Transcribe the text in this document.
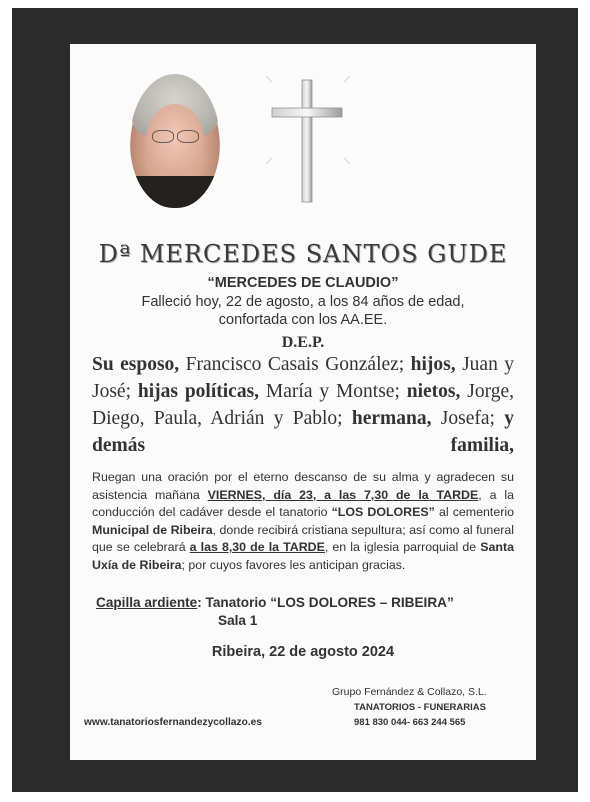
Dª MERCEDES SANTOS GUDE

“MERCEDES DE CLAUDIO”

Falleció hoy, 22 de agosto, a los 84 años de edad,

confortada con los AA.EE.

D.E.P.

Su esposo, Francisco Casais González; hijos, Juan y José; hijas políticas, María y Montse; nietos, Jorge, Diego, Paula, Adrián y Pablo; hermana, Josefa; y demás familia,

Ruegan una oración por el eterno descanso de su alma y agradecen su asistencia mañana VIERNES, día 23, a las 7,30 de la TARDE, a la conducción del cadáver desde el tanatorio “LOS DOLORES” al cementerio Municipal de Ribeira, donde recibirá cristiana sepultura; así como al funeral que se celebrará a las 8,30 de la TARDE, en la iglesia parroquial de Santa Uxía de Ribeira; por cuyos favores les anticipan gracias.

Capilla ardiente: Tanatorio “LOS DOLORES – RIBEIRA”

Sala 1

Ribeira, 22 de agosto 2024

Grupo Fernández & Collazo, S.L.

TANATORIOS - FUNERARIAS

981 830 044- 663 244 565

www.tanatoriosfernandezycollazo.es
